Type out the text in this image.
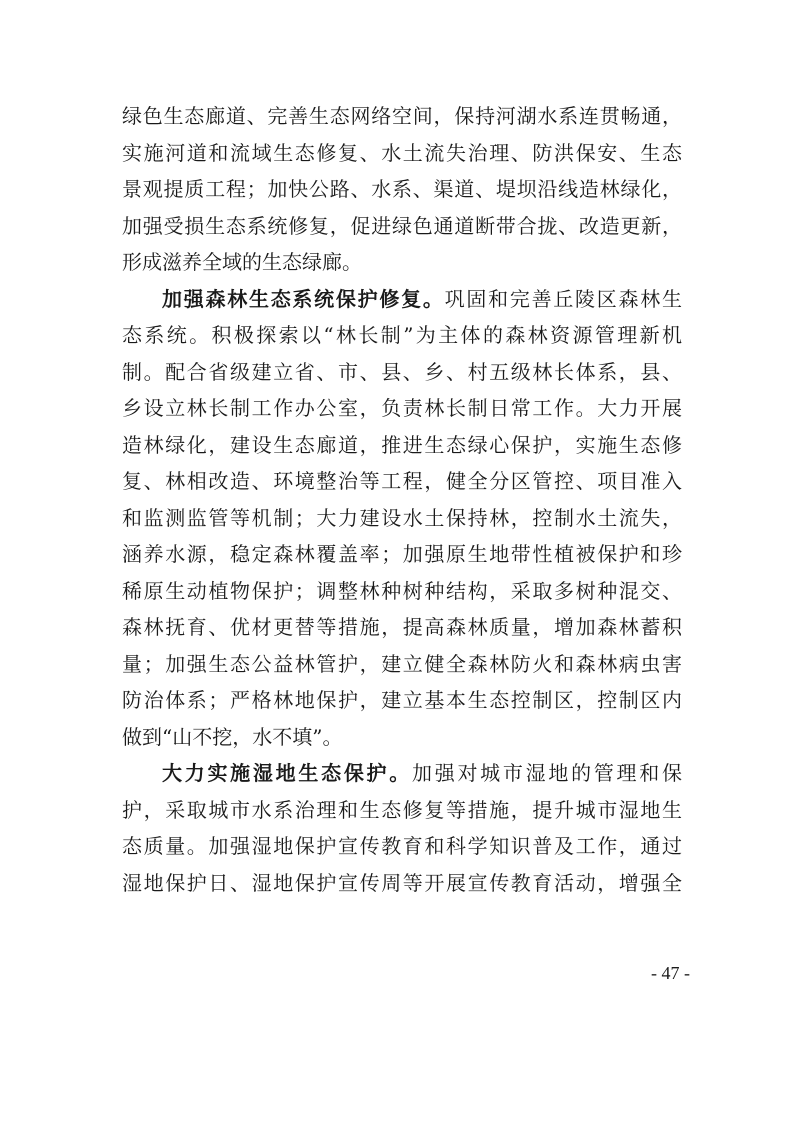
绿色生态廊道、完善生态网络空间，保持河湖水系连贯畅通，
实施河道和流域生态修复、水土流失治理、防洪保安、生态
景观提质工程；加快公路、水系、渠道、堤坝沿线造林绿化，
加强受损生态系统修复，促进绿色通道断带合拢、改造更新，
形成滋养全域的生态绿廊。
加强森林生态系统保护修复。巩固和完善丘陵区森林生
态系统。积极探索以“林长制”为主体的森林资源管理新机
制。配合省级建立省、市、县、乡、村五级林长体系，县、
乡设立林长制工作办公室，负责林长制日常工作。大力开展
造林绿化，建设生态廊道，推进生态绿心保护，实施生态修
复、林相改造、环境整治等工程，健全分区管控、项目准入
和监测监管等机制；大力建设水土保持林，控制水土流失，
涵养水源，稳定森林覆盖率；加强原生地带性植被保护和珍
稀原生动植物保护；调整林种树种结构，采取多树种混交、
森林抚育、优材更替等措施，提高森林质量，增加森林蓄积
量；加强生态公益林管护，建立健全森林防火和森林病虫害
防治体系；严格林地保护，建立基本生态控制区，控制区内
做到“山不挖，水不填”。
大力实施湿地生态保护。加强对城市湿地的管理和保
护，采取城市水系治理和生态修复等措施，提升城市湿地生
态质量。加强湿地保护宣传教育和科学知识普及工作，通过
湿地保护日、湿地保护宣传周等开展宣传教育活动，增强全
- 47 -
